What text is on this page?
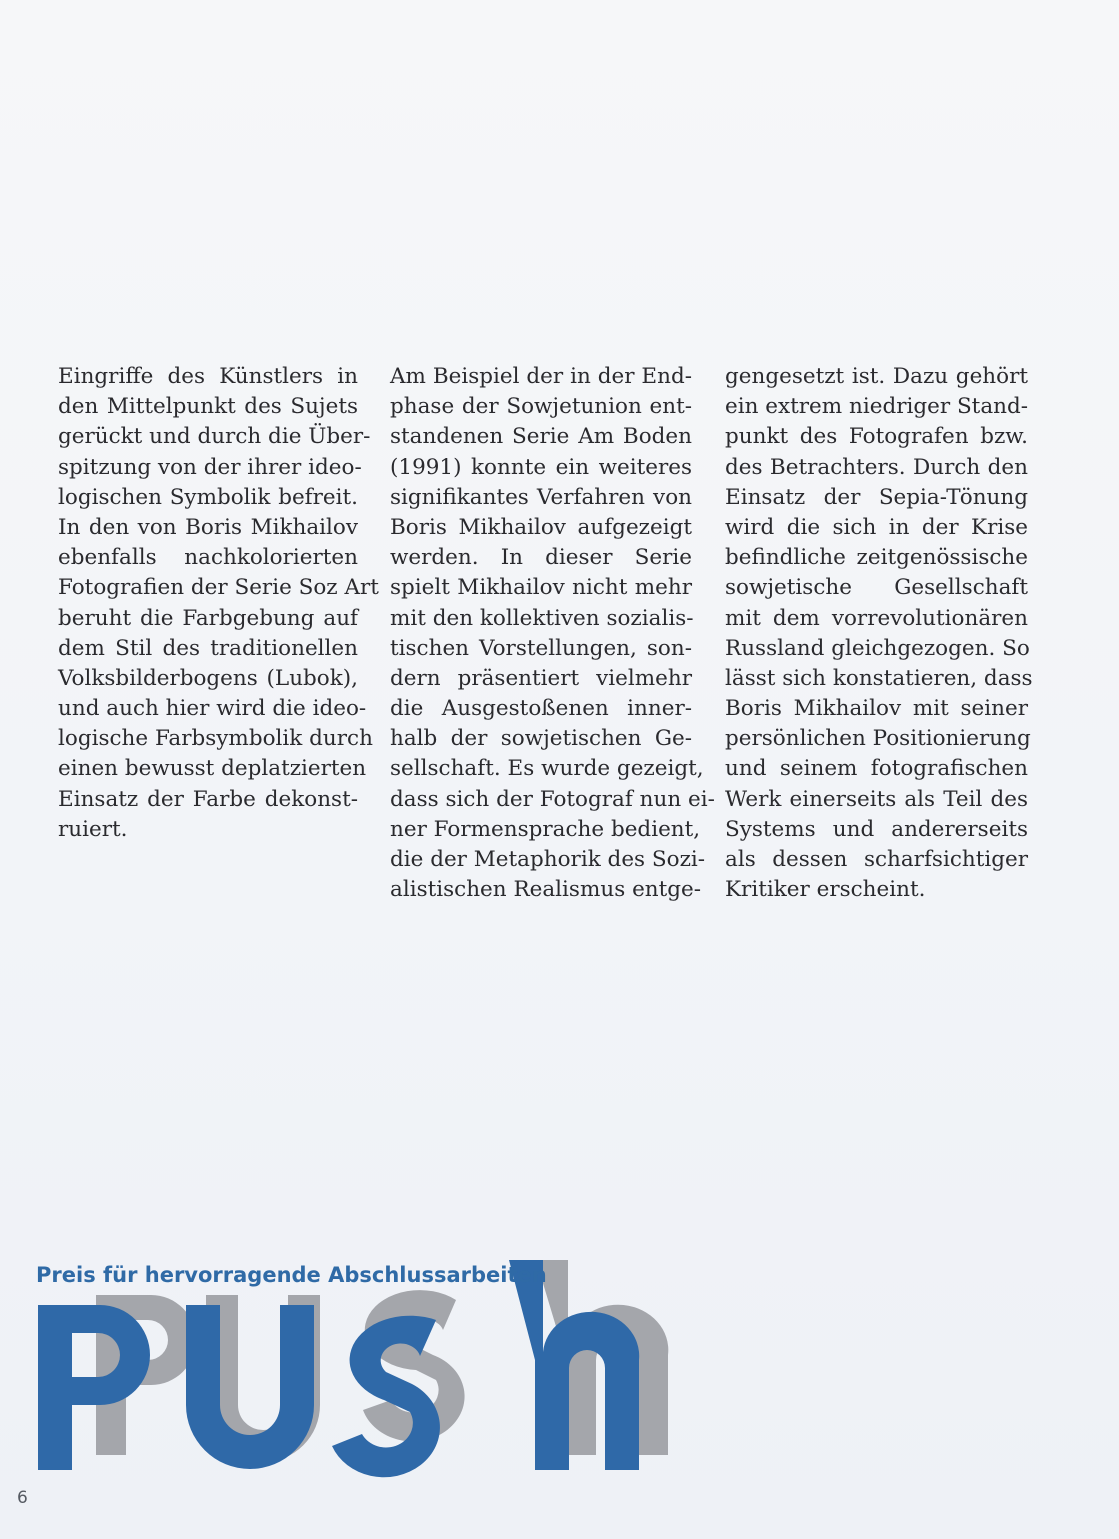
Eingriffe des Künstlers in
den Mittelpunkt des Sujets
gerückt und durch die Über-
spitzung von der ihrer ideo-
logischen Symbolik befreit.
In den von Boris Mikhailov
ebenfalls nachkolorierten
Fotografien der Serie Soz Art
beruht die Farbgebung auf
dem Stil des traditionellen
Volksbilderbogens (Lubok),
und auch hier wird die ideo-
logische Farbsymbolik durch
einen bewusst deplatzierten
Einsatz der Farbe dekonst-
ruiert.
Am Beispiel der in der End-
phase der Sowjetunion ent-
standenen Serie Am Boden
(1991) konnte ein weiteres
signifikantes Verfahren von
Boris Mikhailov aufgezeigt
werden. In dieser Serie
spielt Mikhailov nicht mehr
mit den kollektiven sozialis-
tischen Vorstellungen, son-
dern präsentiert vielmehr
die Ausgestoßenen inner-
halb der sowjetischen Ge-
sellschaft. Es wurde gezeigt,
dass sich der Fotograf nun ei-
ner Formensprache bedient,
die der Metaphorik des Sozi-
alistischen Realismus entge-
gengesetzt ist. Dazu gehört
ein extrem niedriger Stand-
punkt des Fotografen bzw.
des Betrachters. Durch den
Einsatz der Sepia-Tönung
wird die sich in der Krise
befindliche zeitgenössische
sowjetische Gesellschaft
mit dem vorrevolutionären
Russland gleichgezogen. So
lässt sich konstatieren, dass
Boris Mikhailov mit seiner
persönlichen Positionierung
und seinem fotografischen
Werk einerseits als Teil des
Systems und andererseits
als dessen scharfsichtiger
Kritiker erscheint.
Preis für hervorragende Abschlussarbeiten
6
